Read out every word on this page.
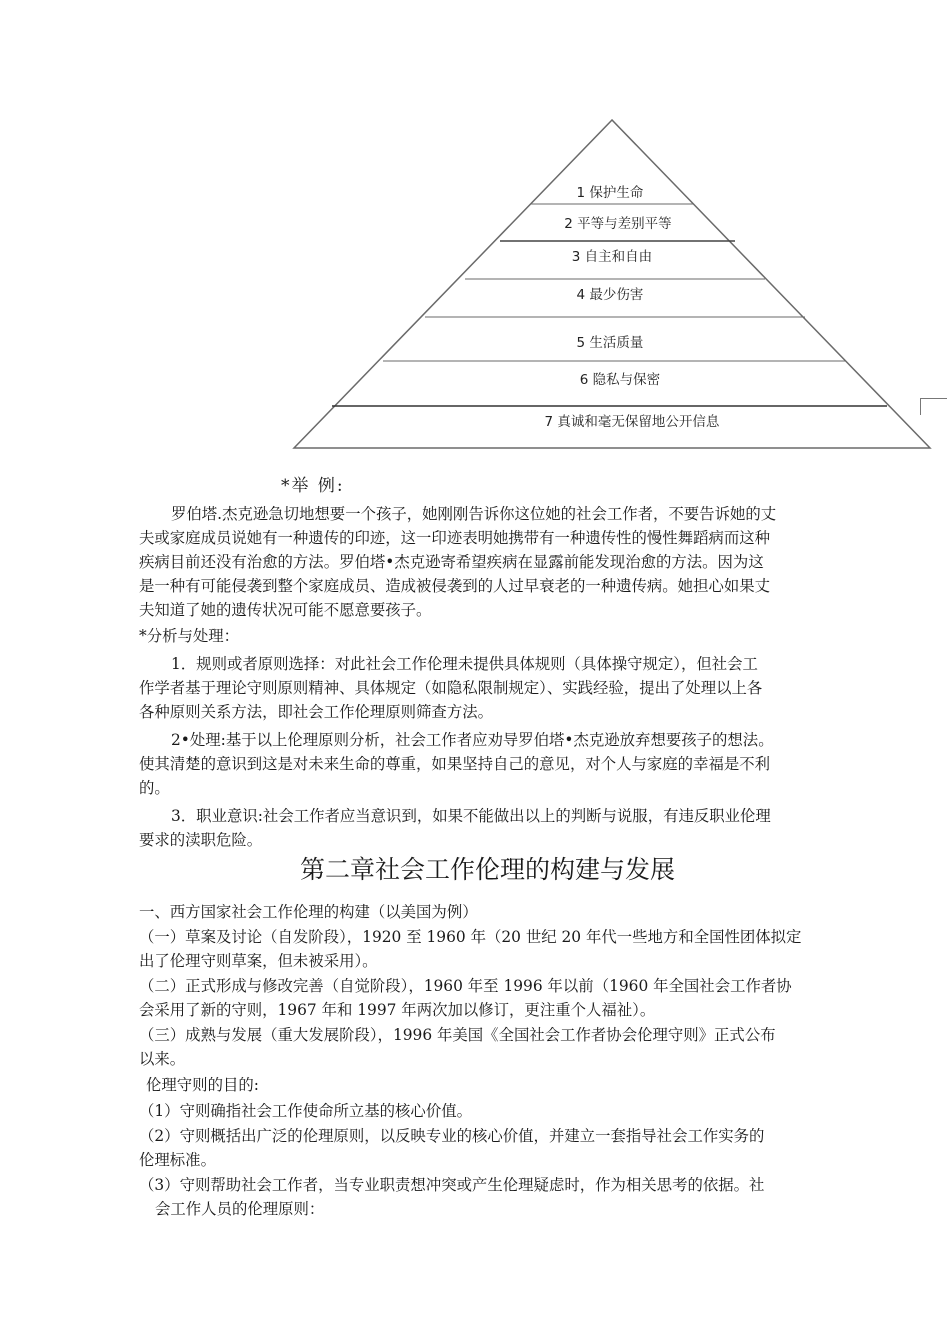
1 保护生命
2 平等与差别平等
3 自主和自由
4 最少伤害
5 生活质量
6 隐私与保密
7 真诚和毫无保留地公开信息
*举 例:
罗伯塔.杰克逊急切地想要一个孩子，她刚刚告诉你这位她的社会工作者，不要告诉她的丈
夫或家庭成员说她有一种遗传的印迹，这一印迹表明她携带有一种遗传性的慢性舞蹈病而这种
疾病目前还没有治愈的方法。罗伯塔•杰克逊寄希望疾病在显露前能发现治愈的方法。因为这
是一种有可能侵袭到整个家庭成员、造成被侵袭到的人过早衰老的一种遗传病。她担心如果丈
夫知道了她的遗传状况可能不愿意要孩子。
*分析与处理：
1．规则或者原则选择：对此社会工作伦理未提供具体规则（具体操守规定），但社会工
作学者基于理论守则原则精神、具体规定（如隐私限制规定）、实践经验，提出了处理以上各
各种原则关系方法，即社会工作伦理原则筛查方法。
2•处理:基于以上伦理原则分析，社会工作者应劝导罗伯塔•杰克逊放弃想要孩子的想法。
使其清楚的意识到这是对未来生命的尊重，如果坚持自己的意见，对个人与家庭的幸福是不利
的。
3．职业意识:社会工作者应当意识到，如果不能做出以上的判断与说服，有违反职业伦理
要求的渎职危险。
第二章社会工作伦理的构建与发展
一、西方国家社会工作伦理的构建（以美国为例）
（一）草案及讨论（自发阶段），1920 至 1960 年（20 世纪 20 年代一些地方和全国性团体拟定
出了伦理守则草案，但未被采用）。
（二）正式形成与修改完善（自觉阶段），1960 年至 1996 年以前（1960 年全国社会工作者协
会采用了新的守则，1967 年和 1997 年两次加以修订，更注重个人福祉）。
（三）成熟与发展（重大发展阶段），1996 年美国《全国社会工作者协会伦理守则》正式公布
以来。
伦理守则的目的:
（1）守则确指社会工作使命所立基的核心价值。
（2）守则概括出广泛的伦理原则，以反映专业的核心价值，并建立一套指导社会工作实务的
伦理标准。
（3）守则帮助社会工作者，当专业职责想冲突或产生伦理疑虑时，作为相关思考的依据。社
会工作人员的伦理原则：
